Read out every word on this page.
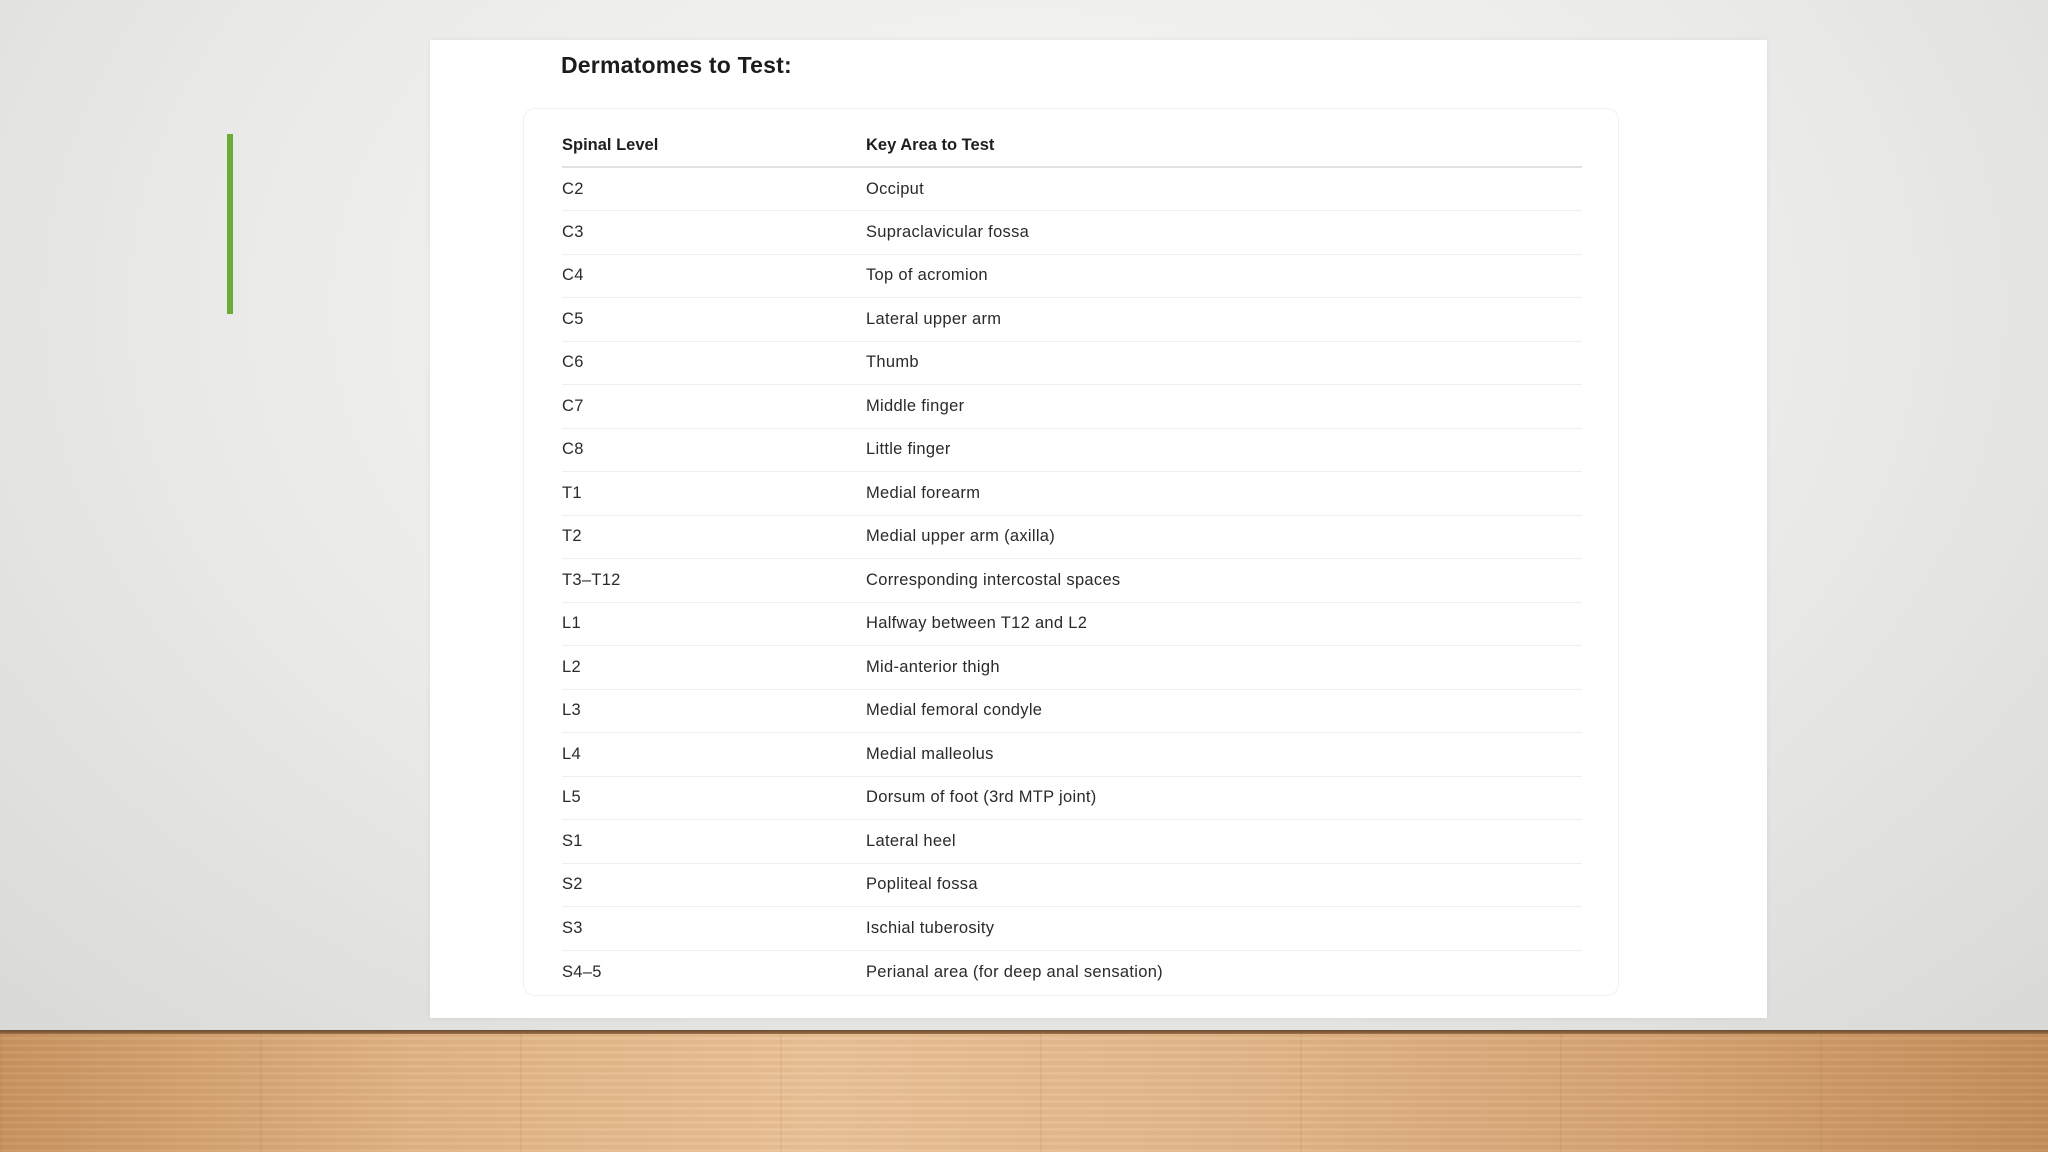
Dermatomes to Test:
Spinal Level	Key Area to Test
C2	Occiput
C3	Supraclavicular fossa
C4	Top of acromion
C5	Lateral upper arm
C6	Thumb
C7	Middle finger
C8	Little finger
T1	Medial forearm
T2	Medial upper arm (axilla)
T3–T12	Corresponding intercostal spaces
L1	Halfway between T12 and L2
L2	Mid-anterior thigh
L3	Medial femoral condyle
L4	Medial malleolus
L5	Dorsum of foot (3rd MTP joint)
S1	Lateral heel
S2	Popliteal fossa
S3	Ischial tuberosity
S4–5	Perianal area (for deep anal sensation)
